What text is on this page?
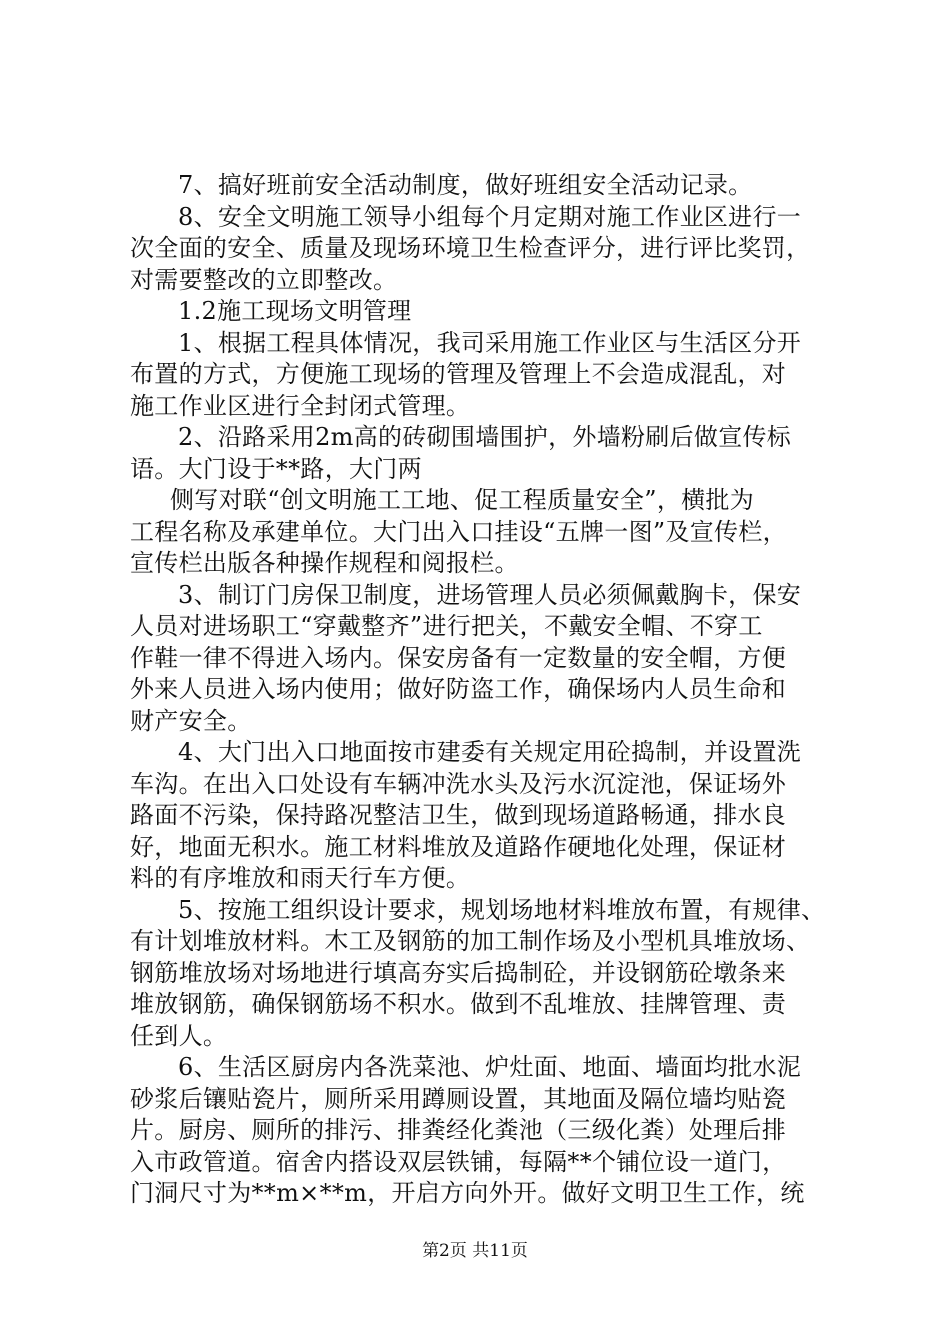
7、搞好班前安全活动制度，做好班组安全活动记录。
8、安全文明施工领导小组每个月定期对施工作业区进行一
次全面的安全、质量及现场环境卫生检查评分，进行评比奖罚，
对需要整改的立即整改。
1.2施工现场文明管理
1、根据工程具体情况，我司采用施工作业区与生活区分开
布置的方式，方便施工现场的管理及管理上不会造成混乱，对
施工作业区进行全封闭式管理。
2、沿路采用2m高的砖砌围墙围护，外墙粉刷后做宣传标
语。大门设于**路，大门两
侧写对联“创文明施工工地、促工程质量安全”，横批为
工程名称及承建单位。大门出入口挂设“五牌一图”及宣传栏，
宣传栏出版各种操作规程和阅报栏。
3、制订门房保卫制度，进场管理人员必须佩戴胸卡，保安
人员对进场职工“穿戴整齐”进行把关，不戴安全帽、不穿工
作鞋一律不得进入场内。保安房备有一定数量的安全帽，方便
外来人员进入场内使用；做好防盗工作，确保场内人员生命和
财产安全。
4、大门出入口地面按市建委有关规定用砼捣制，并设置洗
车沟。在出入口处设有车辆冲洗水头及污水沉淀池，保证场外
路面不污染，保持路况整洁卫生，做到现场道路畅通，排水良
好，地面无积水。施工材料堆放及道路作硬地化处理，保证材
料的有序堆放和雨天行车方便。
5、按施工组织设计要求，规划场地材料堆放布置，有规律、
有计划堆放材料。木工及钢筋的加工制作场及小型机具堆放场、
钢筋堆放场对场地进行填高夯实后捣制砼，并设钢筋砼墩条来
堆放钢筋，确保钢筋场不积水。做到不乱堆放、挂牌管理、责
任到人。
6、生活区厨房内各洗菜池、炉灶面、地面、墙面均批水泥
砂浆后镶贴瓷片，厕所采用蹲厕设置，其地面及隔位墙均贴瓷
片。厨房、厕所的排污、排粪经化粪池（三级化粪）处理后排
入市政管道。宿舍内搭设双层铁铺，每隔**个铺位设一道门，
门洞尺寸为**m×**m，开启方向外开。做好文明卫生工作，统
第2页 共11页
